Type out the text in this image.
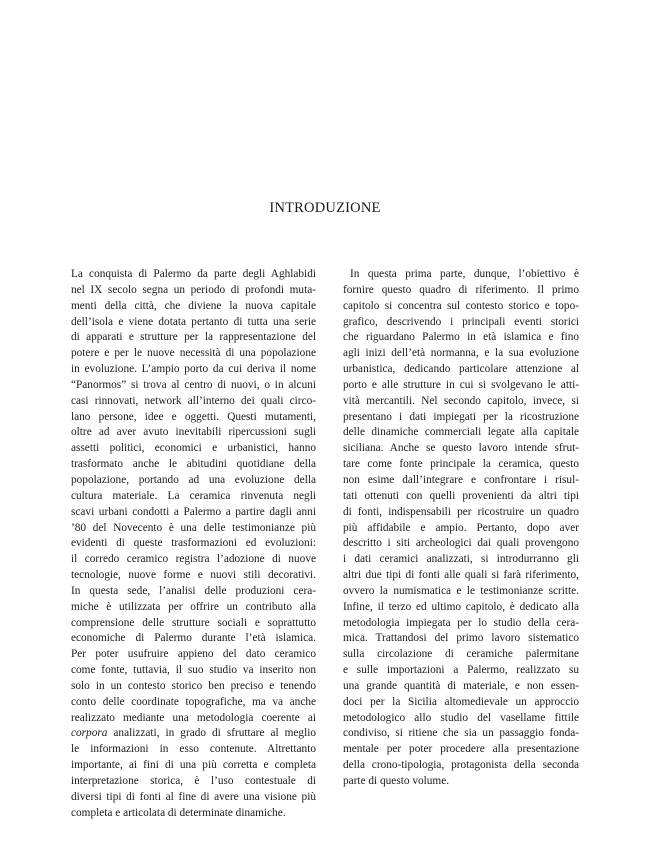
INTRODUZIONE
La conquista di Palermo da parte degli Aghlabidi
nel IX secolo segna un periodo di profondi muta-
menti della città, che diviene la nuova capitale
dell’isola e viene dotata pertanto di tutta una serie
di apparati e strutture per la rappresentazione del
potere e per le nuove necessità di una popolazione
in evoluzione. L’ampio porto da cui deriva il nome
“Panormos” si trova al centro di nuovi, o in alcuni
casi rinnovati, network all’interno dei quali circo-
lano persone, idee e oggetti. Questi mutamenti,
oltre ad aver avuto inevitabili ripercussioni sugli
assetti politici, economici e urbanistici, hanno
trasformato anche le abitudini quotidiane della
popolazione, portando ad una evoluzione della
cultura materiale. La ceramica rinvenuta negli
scavi urbani condotti a Palermo a partire dagli anni
’80 del Novecento è una delle testimonianze più
evidenti di queste trasformazioni ed evoluzioni:
il corredo ceramico registra l’adozione di nuove
tecnologie, nuove forme e nuovi stili decorativi.
In questa sede, l’analisi delle produzioni cera-
miche è utilizzata per offrire un contributo alla
comprensione delle strutture sociali e soprattutto
economiche di Palermo durante l’età islamica.
Per poter usufruire appieno del dato ceramico
come fonte, tuttavia, il suo studio va inserito non
solo in un contesto storico ben preciso e tenendo
conto delle coordinate topografiche, ma va anche
realizzato mediante una metodologia coerente ai
corpora analizzati, in grado di sfruttare al meglio
le informazioni in esso contenute. Altrettanto
importante, ai fini di una più corretta e completa
interpretazione storica, è l’uso contestuale di
diversi tipi di fonti al fine di avere una visione più
completa e articolata di determinate dinamiche.
In questa prima parte, dunque, l’obiettivo è
fornire questo quadro di riferimento. Il primo
capitolo si concentra sul contesto storico e topo-
grafico, descrivendo i principali eventi storici
che riguardano Palermo in età islamica e fino
agli inizi dell’età normanna, e la sua evoluzione
urbanistica, dedicando particolare attenzione al
porto e alle strutture in cui si svolgevano le atti-
vità mercantili. Nel secondo capitolo, invece, si
presentano i dati impiegati per la ricostruzione
delle dinamiche commerciali legate alla capitale
siciliana. Anche se questo lavoro intende sfrut-
tare come fonte principale la ceramica, questo
non esime dall’integrare e confrontare i risul-
tati ottenuti con quelli provenienti da altri tipi
di fonti, indispensabili per ricostruire un quadro
più affidabile e ampio. Pertanto, dopo aver
descritto i siti archeologici dai quali provengono
i dati ceramici analizzati, si introdurranno gli
altri due tipi di fonti alle quali si farà riferimento,
ovvero la numismatica e le testimonianze scritte.
Infine, il terzo ed ultimo capitolo, è dedicato alla
metodologia impiegata per lo studio della cera-
mica. Trattandosi del primo lavoro sistematico
sulla circolazione di ceramiche palermitane
e sulle importazioni a Palermo, realizzato su
una grande quantità di materiale, e non essen-
doci per la Sicilia altomedievale un approccio
metodologico allo studio del vasellame fittile
condiviso, si ritiene che sia un passaggio fonda-
mentale per poter procedere alla presentazione
della crono-tipologia, protagonista della seconda
parte di questo volume.
